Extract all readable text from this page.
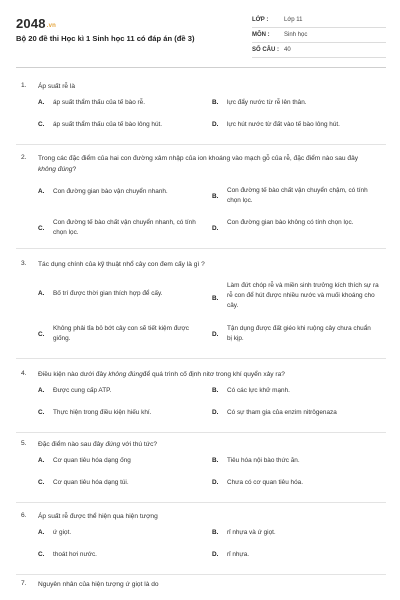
2048.vn
Bộ 20 đề thi Học kì 1 Sinh học 11 có đáp án (đề 3)
LỚP :	Lớp 11
MÔN :	Sinh học
SỐ CÂU : 40
1. Áp suất rễ là
A. áp suất thẩm thấu của tế bào rễ.	B. lực đẩy nước từ rễ lên thân.
C. áp suất thẩm thấu của tế bào lông hút.	D. lực hút nước từ đất vào tế bào lông hút.
2. Trong các đặc điểm của hai con đường xâm nhập của ion khoáng vào mạch gỗ của rễ, đặc điểm nào sau đây không đúng?
A. Con đường gian bào vận chuyển nhanh.
B.
Con đường tế bào chất vận chuyển chậm, có tính chọn lọc.
C.
Con đường tế bào chất vận chuyển nhanh, có tính chọn lọc.
D.
Con đường gian bào không có tính chọn lọc.
3. Tác dụng chính của kỹ thuật nhổ cây con đem cấy là gì ?
A. Bố trí được thời gian thích hợp để cấy.
B.
Làm đứt chóp rễ và miền sinh trưởng kích thích sự ra rễ con để hút được nhiều nước và muối khoáng cho cây.
C.
Không phải tỉa bỏ bớt cây con sẽ tiết kiệm được giống.
D.
Tận dụng được đất giéo khi ruộng cây chưa chuẩn bị kịp.
4. Điều kiện nào dưới đây không đúngđể quá trình cố định nitơ trong khí quyển xảy ra?
A. Được cung cấp ATP.	B. Có các lực khử mạnh.
C. Thực hiện trong điều kiện hiếu khí.	D. Có sự tham gia của enzim nitrôgenaza
5. Đặc điểm nào sau đây đúng với thú tức?
A. Cơ quan tiêu hóa dạng ống	B. Tiêu hóa nội bào thức ăn.
C. Cơ quan tiêu hóa dạng túi.	D. Chưa có cơ quan tiêu hóa.
6. Áp suất rễ được thể hiện qua hiện tượng
A. ứ giọt.	B. rỉ nhựa và ứ giọt.
C. thoát hơi nước.	D. rỉ nhựa.
7. Nguyên nhân của hiện tượng ứ giọt là do
